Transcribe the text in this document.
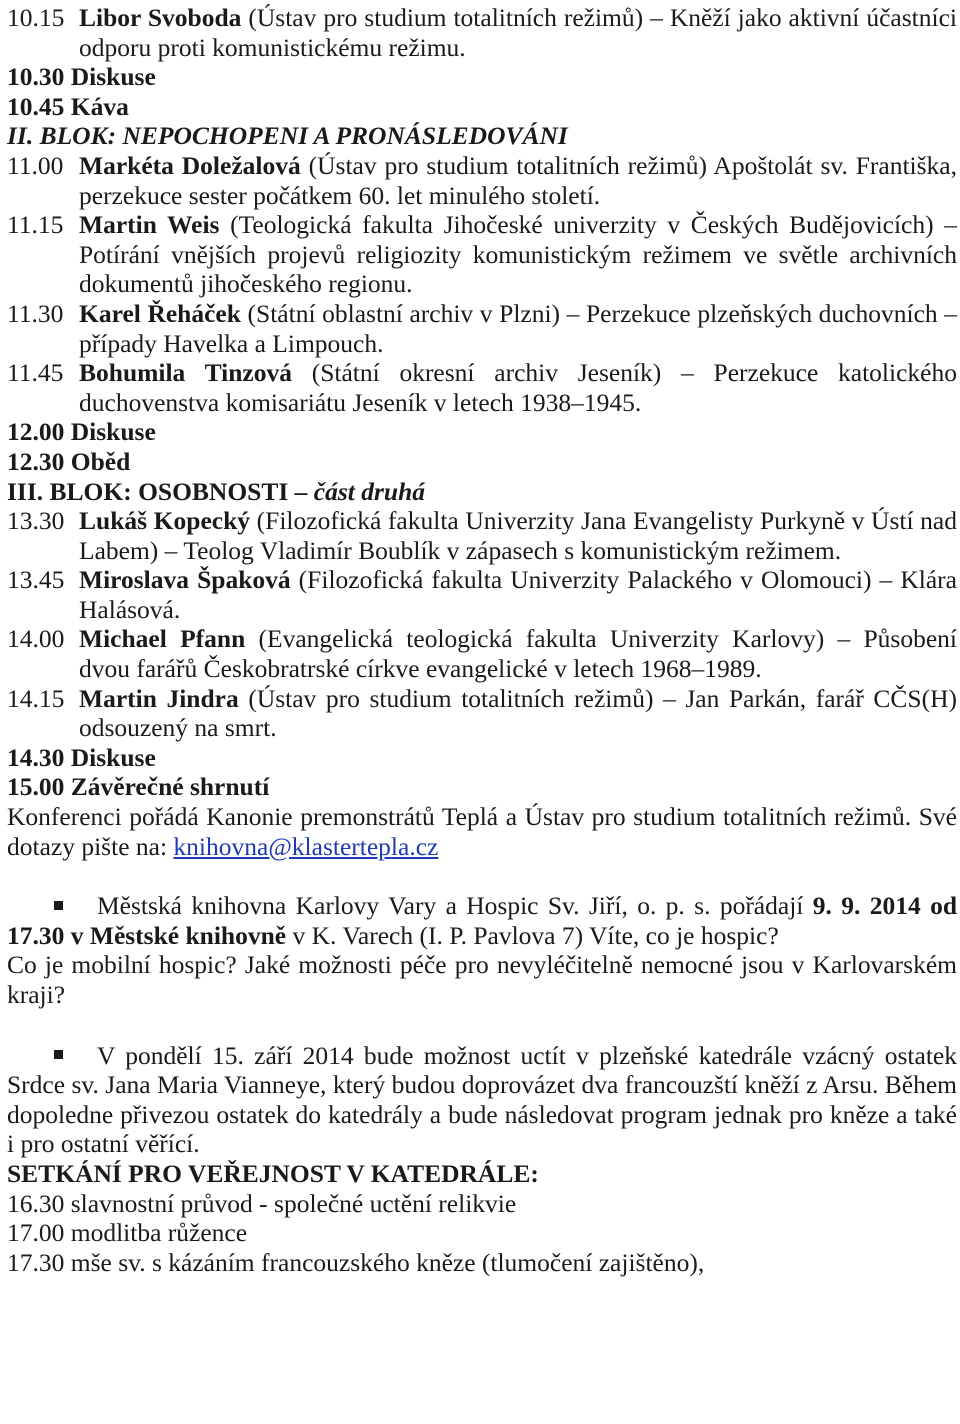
10.15 Libor Svoboda (Ústav pro studium totalitních režimů) – Kněží jako aktivní účastníci odporu proti komunistickému režimu.
10.30 Diskuse
10.45 Káva
II. BLOK: NEPOCHOPENI A PRONÁSLEDOVÁNI
11.00 Markéta Doležalová (Ústav pro studium totalitních režimů) Apoštolát sv. Františka, perzekuce sester počátkem 60. let minulého století.
11.15 Martin Weis (Teologická fakulta Jihočeské univerzity v Českých Budějovicích) – Potírání vnějších projevů religiozity komunistickým režimem ve světle archivních dokumentů jihočeského regionu.
11.30 Karel Řeháček (Státní oblastní archiv v Plzni) – Perzekuce plzeňských duchovních – případy Havelka a Limpouch.
11.45 Bohumila Tinzová (Státní okresní archiv Jeseník) – Perzekuce katolického duchovenstva komisariátu Jeseník v letech 1938–1945.
12.00 Diskuse
12.30 Oběd
III. BLOK: OSOBNOSTI – část druhá
13.30 Lukáš Kopecký (Filozofická fakulta Univerzity Jana Evangelisty Purkyně v Ústí nad Labem) – Teolog Vladimír Boublík v zápasech s komunistickým režimem.
13.45 Miroslava Špaková (Filozofická fakulta Univerzity Palackého v Olomouci) – Klára Halásová.
14.00 Michael Pfann (Evangelická teologická fakulta Univerzity Karlovy) – Působení dvou farářů Českobratrské církve evangelické v letech 1968–1989.
14.15 Martin Jindra (Ústav pro studium totalitních režimů) – Jan Parkán, farář CČS(H) odsouzený na smrt.
14.30 Diskuse
15.00 Závěrečné shrnutí

Konferenci pořádá Kanonie premonstrátů Teplá a Ústav pro studium totalitních režimů. Své dotazy pište na: knihovna@klastertepla.cz

Městská knihovna Karlovy Vary a Hospic Sv. Jiří, o. p. s. pořádají 9. 9. 2014 od 17.30 v Městské knihovně v K. Varech (I. P. Pavlova 7) Víte, co je hospic?

Co je mobilní hospic? Jaké možnosti péče pro nevyléčitelně nemocné jsou v Karlovarském kraji?

V pondělí 15. září 2014 bude možnost uctít v plzeňské katedrále vzácný ostatek Srdce sv. Jana Maria Vianneye, který budou doprovázet dva francouzští kněží z Arsu. Během dopoledne přivezou ostatek do katedrály a bude následovat program jednak pro kněze a také i pro ostatní věřící.

SETKÁNÍ PRO VEŘEJNOST V KATEDRÁLE:
16.30 slavnostní průvod - společné uctění relikvie
17.00 modlitba růžence
17.30 mše sv. s kázáním francouzského kněze (tlumočení zajištěno),
